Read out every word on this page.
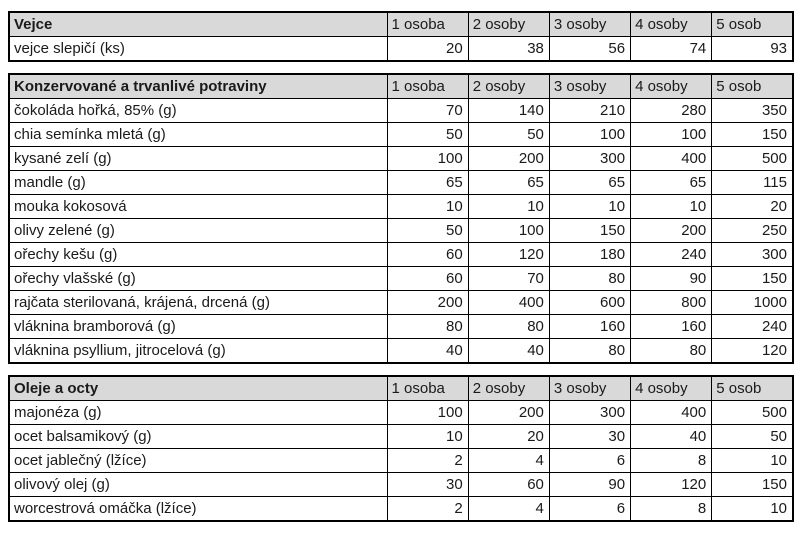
Vejce	1 osoba	2 osoby	3 osoby	4 osoby	5 osob
vejce slepičí (ks)	20	38	56	74	93
Konzervované a trvanlivé potraviny	1 osoba	2 osoby	3 osoby	4 osoby	5 osob
čokoláda hořká, 85% (g)	70	140	210	280	350
chia semínka mletá (g)	50	50	100	100	150
kysané zelí (g)	100	200	300	400	500
mandle (g)	65	65	65	65	115
mouka kokosová	10	10	10	10	20
olivy zelené (g)	50	100	150	200	250
ořechy kešu (g)	60	120	180	240	300
ořechy vlašské (g)	60	70	80	90	150
rajčata sterilovaná, krájená, drcená (g)	200	400	600	800	1000
vláknina bramborová (g)	80	80	160	160	240
vláknina psyllium, jitrocelová (g)	40	40	80	80	120
Oleje a octy	1 osoba	2 osoby	3 osoby	4 osoby	5 osob
majonéza (g)	100	200	300	400	500
ocet balsamikový (g)	10	20	30	40	50
ocet jablečný (lžíce)	2	4	6	8	10
olivový olej (g)	30	60	90	120	150
worcestrová omáčka (lžíce)	2	4	6	8	10
